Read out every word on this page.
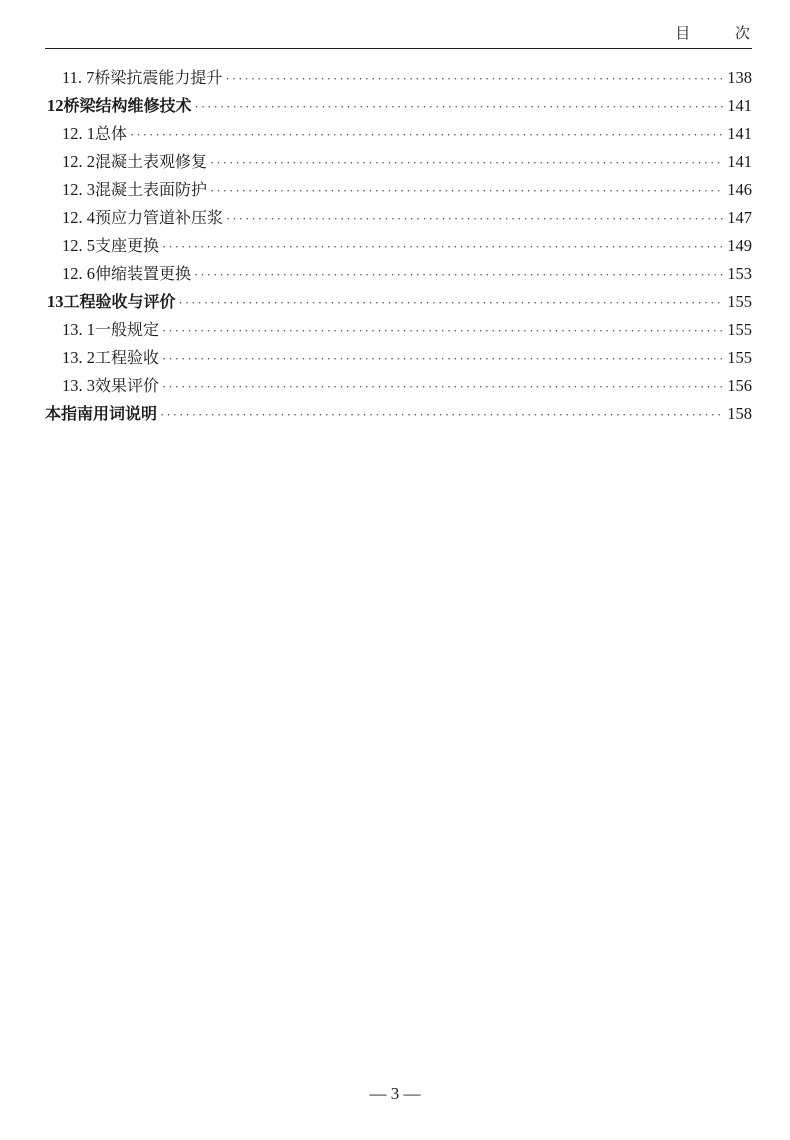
目 次
11. 7 桥梁抗震能力提升 ·····	138
12 桥梁结构维修技术 ·····	141
12. 1 总体 ·····	141
12. 2 混凝土表观修复 ·····	141
12. 3 混凝土表面防护 ·····	146
12. 4 预应力管道补压浆 ·····	147
12. 5 支座更换 ·····	149
12. 6 伸缩装置更换 ·····	153
13 工程验收与评价 ·····	155
13. 1 一般规定 ·····	155
13. 2 工程验收 ·····	155
13. 3 效果评价 ·····	156
本指南用词说明 ·····	158
— 3 —
